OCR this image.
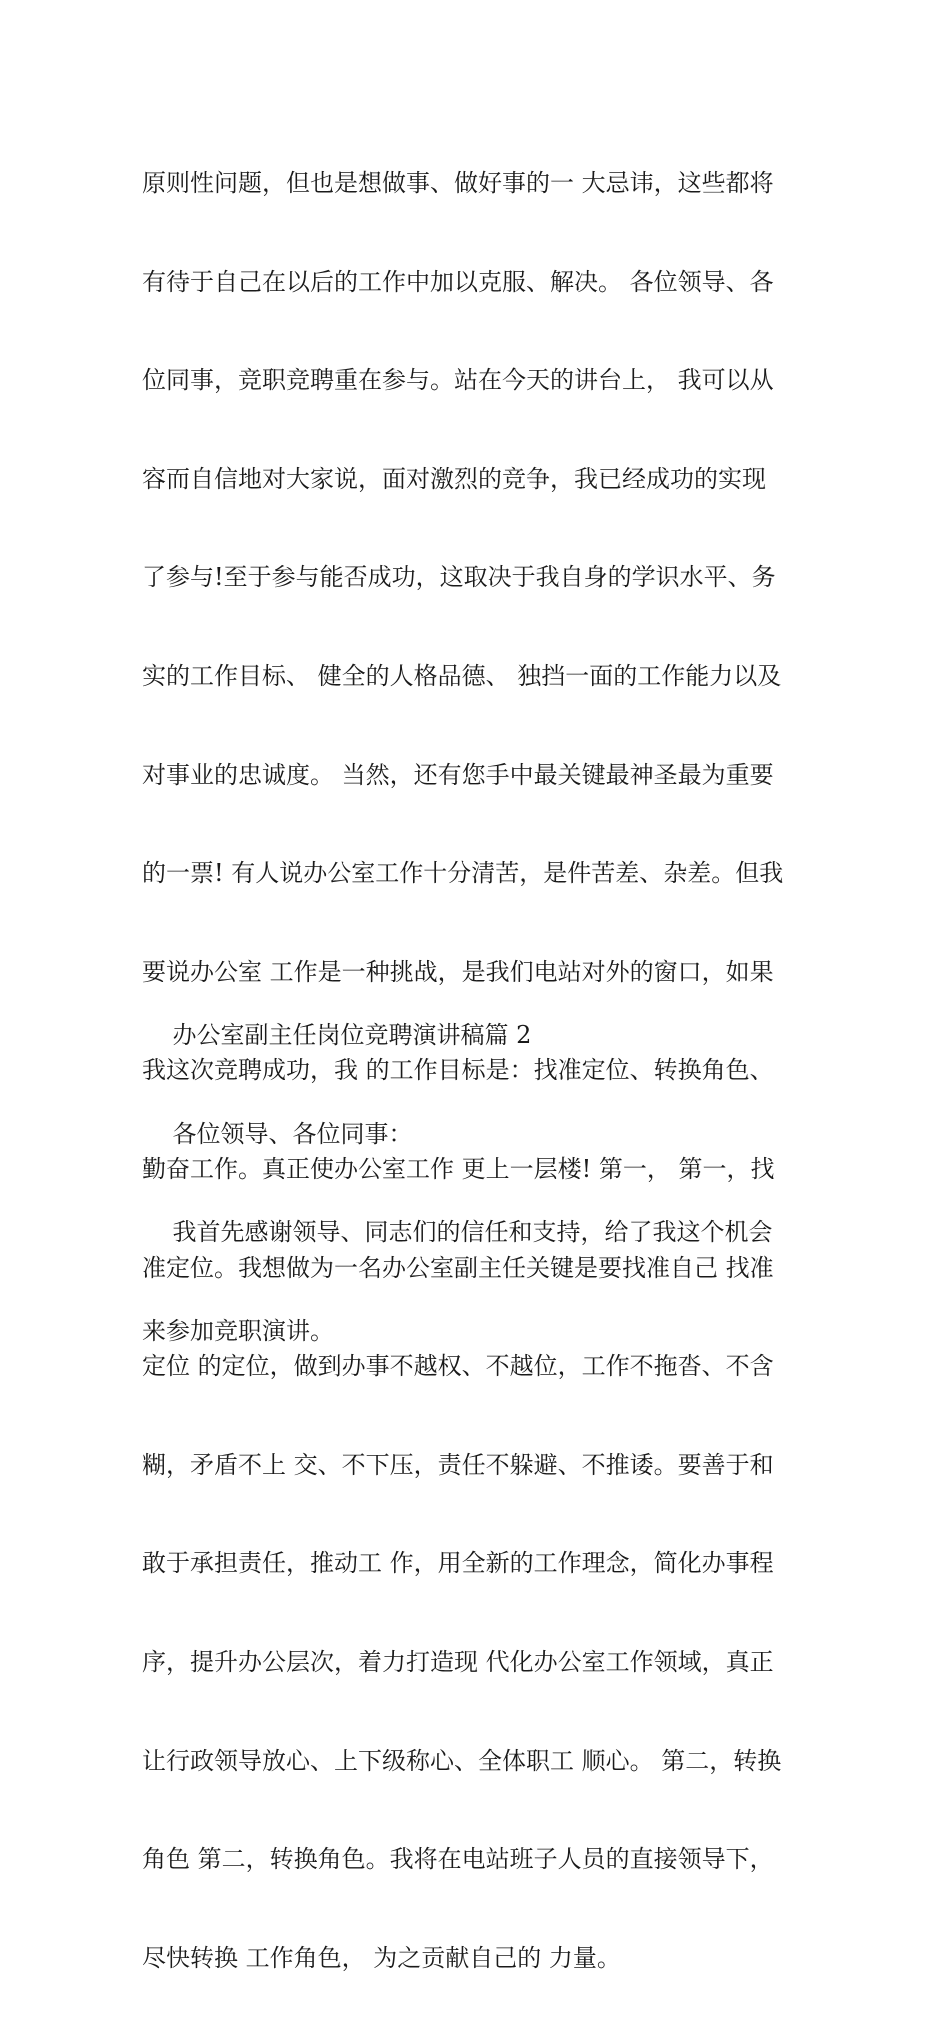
原则性问题，但也是想做事、做好事的一 大忌讳，这些都将

有待于自己在以后的工作中加以克服、解决。 各位领导、各

位同事，竞职竞聘重在参与。站在今天的讲台上， 我可以从

容而自信地对大家说，面对激烈的竞争，我已经成功的实现

了参与!至于参与能否成功，这取决于我自身的学识水平、务

实的工作目标、 健全的人格品德、 独挡一面的工作能力以及

对事业的忠诚度。 当然，还有您手中最关键最神圣最为重要

的一票! 有人说办公室工作十分清苦，是件苦差、杂差。但我

要说办公室 工作是一种挑战，是我们电站对外的窗口，如果

我这次竞聘成功，我 的工作目标是：找准定位、转换角色、

勤奋工作。真正使办公室工作 更上一层楼! 第一， 第一，找

准定位。我想做为一名办公室副主任关键是要找准自己 找准

定位 的定位，做到办事不越权、不越位，工作不拖沓、不含

糊，矛盾不上 交、不下压，责任不躲避、不推诿。要善于和

敢于承担责任，推动工 作，用全新的工作理念，简化办事程

序，提升办公层次，着力打造现 代化办公室工作领域，真正

让行政领导放心、上下级称心、全体职工 顺心。 第二，转换

角色 第二，转换角色。我将在电站班子人员的直接领导下，

尽快转换 工作角色， 为之贡献自己的 力量。

办公室副主任岗位竞聘演讲稿篇 2

各位领导、各位同事：

我首先感谢领导、同志们的信任和支持，给了我这个机会

来参加竞职演讲。
